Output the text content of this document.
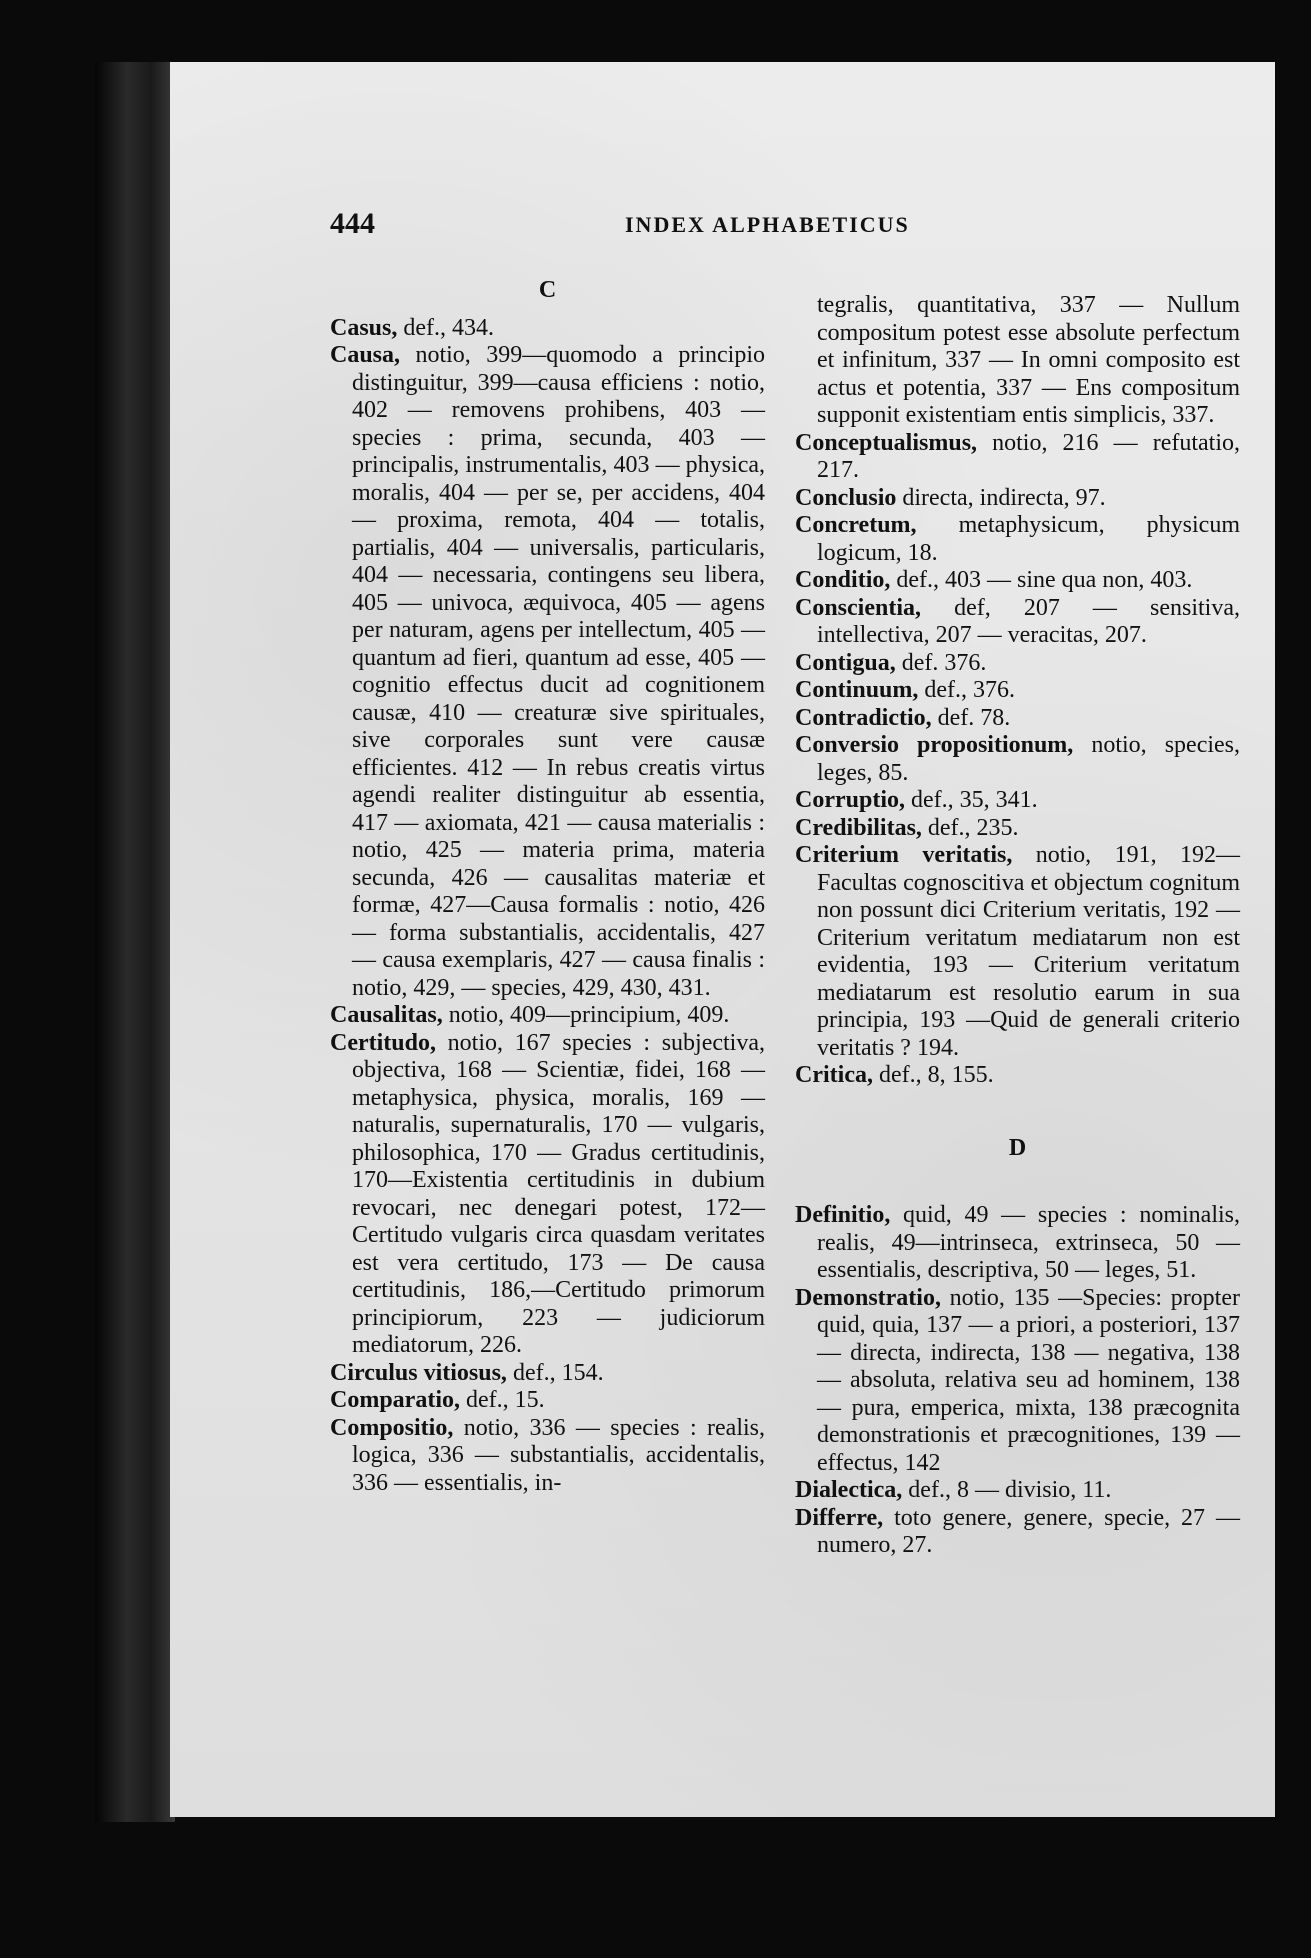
444	INDEX ALPHABETICUS
C

Casus, def., 434.

Causa, notio, 399—quomodo a principio distinguitur, 399—causa efficiens : notio, 402 — removens prohibens, 403 — species : prima, secunda, 403 — principalis, instrumentalis, 403 — physica, moralis, 404 — per se, per accidens, 404 — proxima, remota, 404 — totalis, partialis, 404 — universalis, particularis, 404 — necessaria, contingens seu libera, 405 — univoca, æquivoca, 405 — agens per naturam, agens per intellectum, 405 — quantum ad fieri, quantum ad esse, 405 — cognitio effectus ducit ad cognitionem causæ, 410 — creaturæ sive spirituales, sive corporales sunt vere causæ efficientes. 412 — In rebus creatis virtus agendi realiter distinguitur ab essentia, 417 — axiomata, 421 — causa materialis : notio, 425 — materia prima, materia secunda, 426 — causalitas materiæ et formæ, 427—Causa formalis : notio, 426 — forma substantialis, accidentalis, 427 — causa exemplaris, 427 — causa finalis : notio, 429, — species, 429, 430, 431.

Causalitas, notio, 409—principium, 409.

Certitudo, notio, 167 species : subjectiva, objectiva, 168 — Scientiæ, fidei, 168 — metaphysica, physica, moralis, 169 — naturalis, supernaturalis, 170 — vulgaris, philosophica, 170 — Gradus certitudinis, 170—Existentia certitudinis in dubium revocari, nec denegari potest, 172—Certitudo vulgaris circa quasdam veritates est vera certitudo, 173 — De causa certitudinis, 186,—Certitudo primorum principiorum, 223 — judiciorum mediatorum, 226.

Circulus vitiosus, def., 154.

Comparatio, def., 15.

Compositio, notio, 336 — species : realis, logica, 336 — substantialis, accidentalis, 336 — essentialis, in-

tegralis, quantitativa, 337 — Nullum compositum potest esse absolute perfectum et infinitum, 337 — In omni composito est actus et potentia, 337 — Ens compositum supponit existentiam entis simplicis, 337.

Conceptualismus, notio, 216 — refutatio, 217.

Conclusio directa, indirecta, 97.

Concretum, metaphysicum, physicum logicum, 18.

Conditio, def., 403 — sine qua non, 403.

Conscientia, def, 207 — sensitiva, intellectiva, 207 — veracitas, 207.

Contigua, def. 376.

Continuum, def., 376.

Contradictio, def. 78.

Conversio propositionum, notio, species, leges, 85.

Corruptio, def., 35, 341.

Credibilitas, def., 235.

Criterium veritatis, notio, 191, 192—Facultas cognoscitiva et objectum cognitum non possunt dici Criterium veritatis, 192 — Criterium veritatum mediatarum non est evidentia, 193 — Criterium veritatum mediatarum est resolutio earum in sua principia, 193 —Quid de generali criterio veritatis ? 194.

Critica, def., 8, 155.

D

Definitio, quid, 49 — species : nominalis, realis, 49—intrinseca, extrinseca, 50 — essentialis, descriptiva, 50 — leges, 51.

Demonstratio, notio, 135 —Species: propter quid, quia, 137 — a priori, a posteriori, 137 — directa, indirecta, 138 — negativa, 138 — absoluta, relativa seu ad hominem, 138 — pura, emperica, mixta, 138 præcognita demonstrationis et præcognitiones, 139 — effectus, 142

Dialectica, def., 8 — divisio, 11.

Differre, toto genere, genere, specie, 27 — numero, 27.
